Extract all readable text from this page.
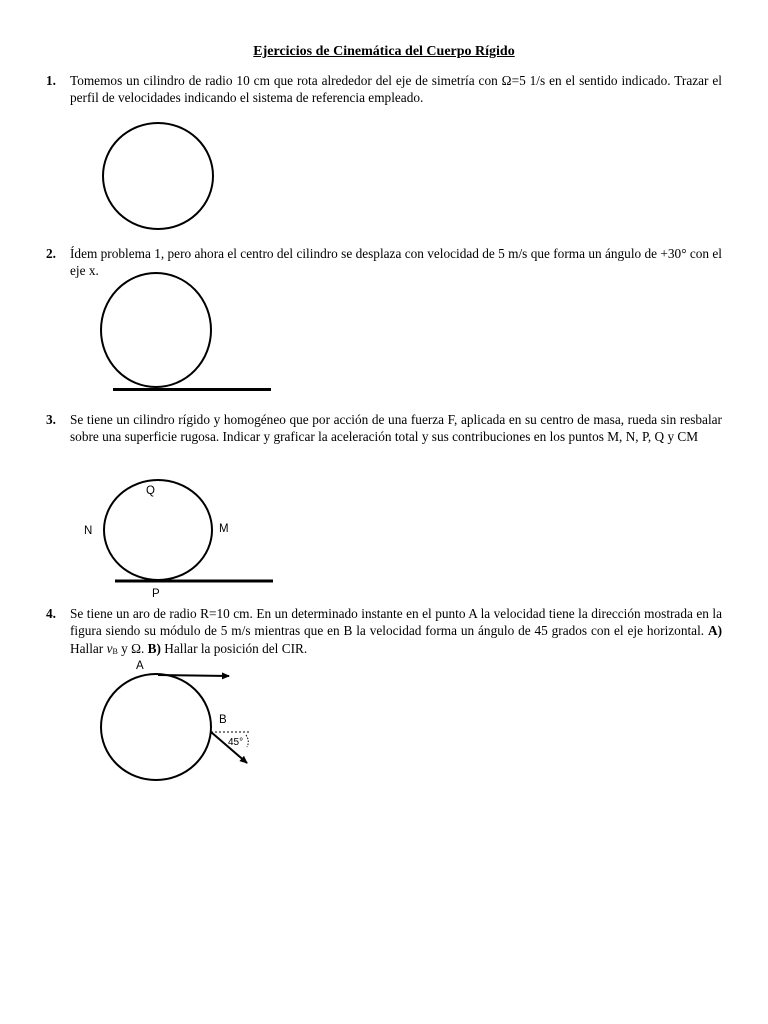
Ejercicios de Cinemática del Cuerpo Rígido
1. Tomemos un cilindro de radio 10 cm que rota alrededor del eje de simetría con Ω=5 1/s en el sentido indicado. Trazar el perfil de velocidades indicando el sistema de referencia empleado.
2. Ídem problema 1, pero ahora el centro del cilindro se desplaza con velocidad de 5 m/s que forma un ángulo de +30° con el eje x.
3. Se tiene un cilindro rígido y homogéneo que por acción de una fuerza F, aplicada en su centro de masa, rueda sin resbalar sobre una superficie rugosa. Indicar y graficar la aceleración total y sus contribuciones en los puntos M, N, P, Q y CM
4. Se tiene un aro de radio R=10 cm. En un determinado instante en el punto A la velocidad tiene la dirección mostrada en la figura siendo su módulo de 5 m/s mientras que en B la velocidad forma un ángulo de 45 grados con el eje horizontal. A) Hallar vB y Ω. B) Hallar la posición del CIR.
Q
N	M
P
A
B
45°
